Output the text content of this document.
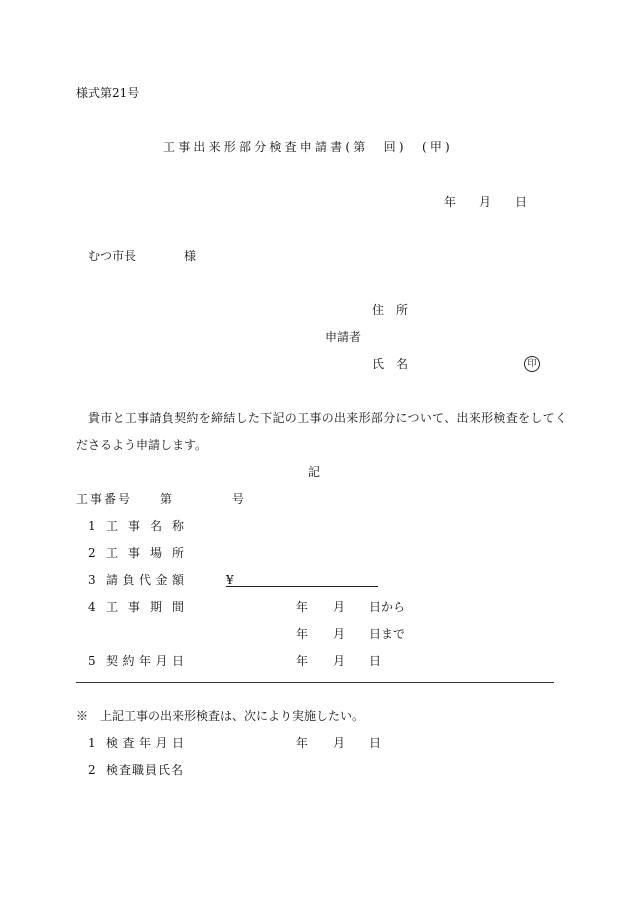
様式第21号
工事出来形部分検査申請書(第　回)　(甲)
年 月 日
むつ市長	様
住　所
申請者
氏　名	印
貴市と工事請負契約を締結した下記の工事の出来形部分について、出来形検査をしてく
ださるよう申請します。
記
工事番号 第	号
1 工事名称
2 工事場所
3 請負代金額	¥
4 工事期間	年 月 日から
年 月 日まで
5 契約年月日	年 月 日
※　上記工事の出来形検査は、次により実施したい。
1 検査年月日	年 月 日
2 検査職員氏名
